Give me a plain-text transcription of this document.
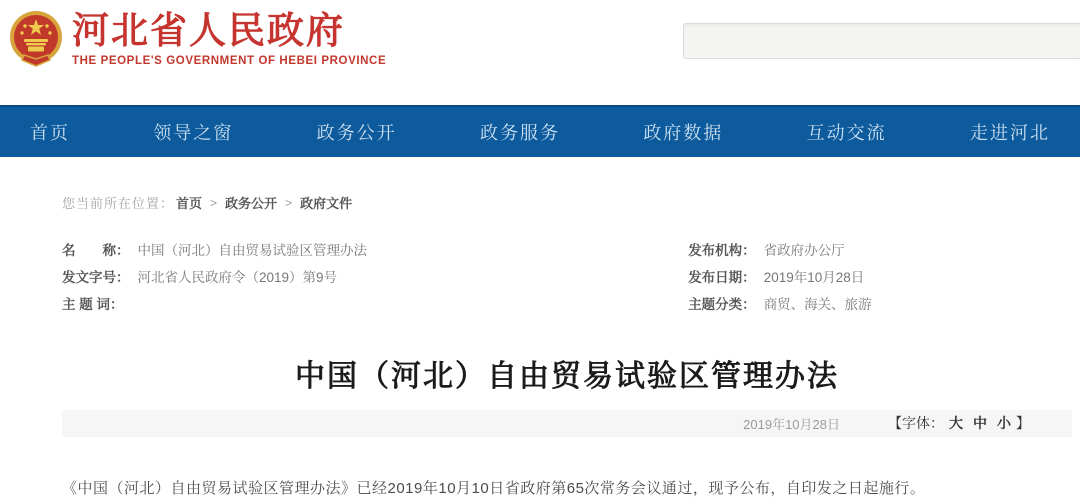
河北省人民政府
THE PEOPLE'S GOVERNMENT OF HEBEI PROVINCE
首页	领导之窗	政务公开	政务服务	政府数据	互动交流	走进河北
您当前所在位置： 首页 > 政务公开 > 政府文件
名　　称： 中国（河北）自由贸易试验区管理办法
发文字号： 河北省人民政府令（2019）第9号
主 题 词：
发布机构： 省政府办公厅
发布日期： 2019年10月28日
主题分类： 商贸、海关、旅游
中国（河北）自由贸易试验区管理办法
2019年10月28日	【字体： 大 中 小 】
《中国（河北）自由贸易试验区管理办法》已经2019年10月10日省政府第65次常务会议通过，现予公布，自印发之日起施行。
